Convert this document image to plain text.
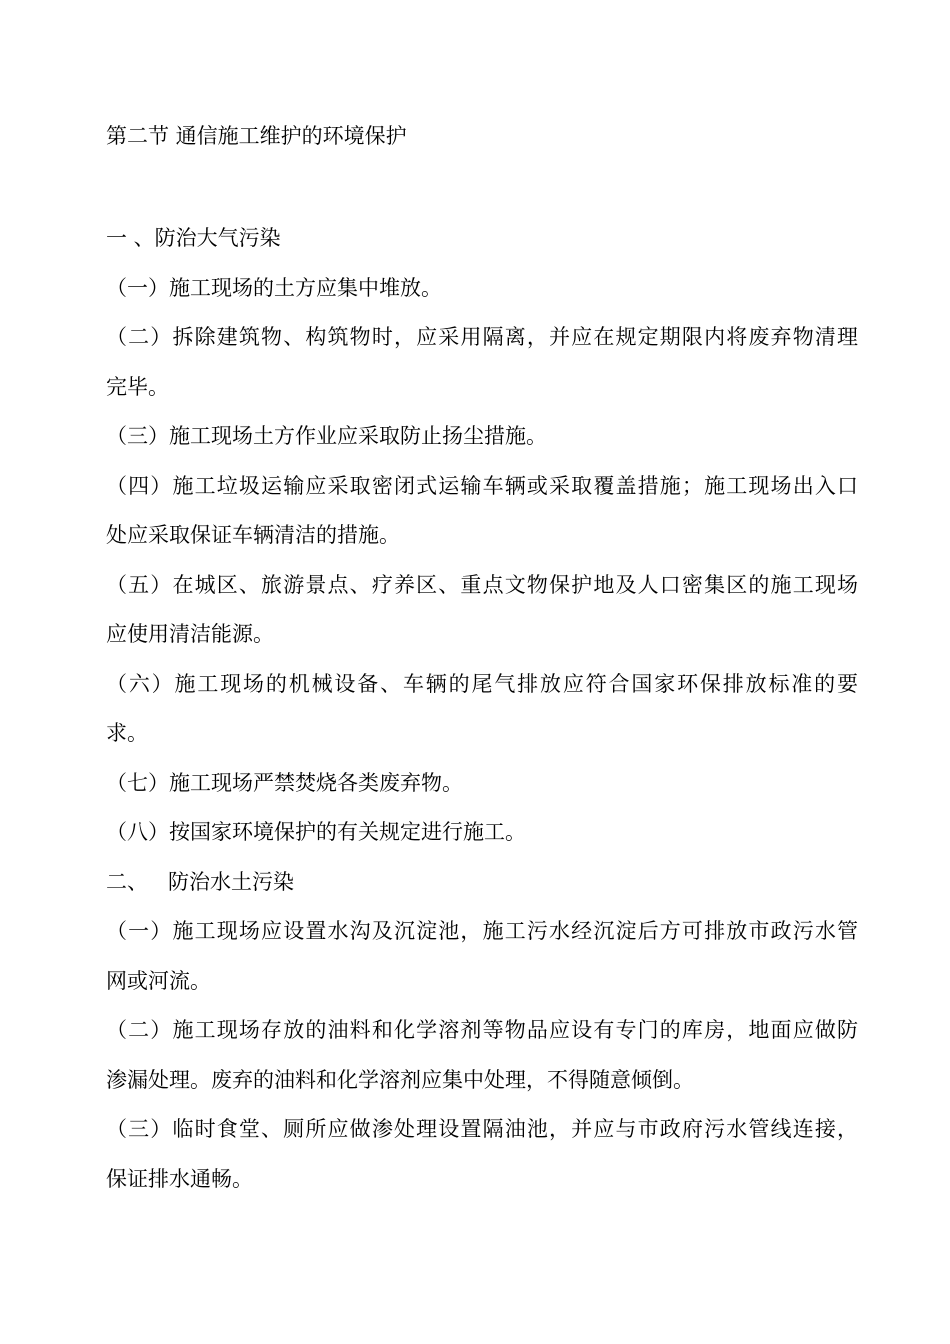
第二节 通信施工维护的环境保护
一 、防治大气污染
（一）施工现场的土方应集中堆放。
（二）拆除建筑物、构筑物时，应采用隔离，并应在规定期限内将废弃物清理
完毕。
（三）施工现场土方作业应采取防止扬尘措施。
（四）施工垃圾运输应采取密闭式运输车辆或采取覆盖措施；施工现场出入口
处应采取保证车辆清洁的措施。
（五）在城区、旅游景点、疗养区、重点文物保护地及人口密集区的施工现场
应使用清洁能源。
（六）施工现场的机械设备、车辆的尾气排放应符合国家环保排放标准的要
求。
（七）施工现场严禁焚烧各类废弃物。
（八）按国家环境保护的有关规定进行施工。
二、   防治水土污染
（一）施工现场应设置水沟及沉淀池，施工污水经沉淀后方可排放市政污水管
网或河流。
（二）施工现场存放的油料和化学溶剂等物品应设有专门的库房，地面应做防
渗漏处理。废弃的油料和化学溶剂应集中处理，不得随意倾倒。
（三）临时食堂、厕所应做渗处理设置隔油池，并应与市政府污水管线连接，
保证排水通畅。
